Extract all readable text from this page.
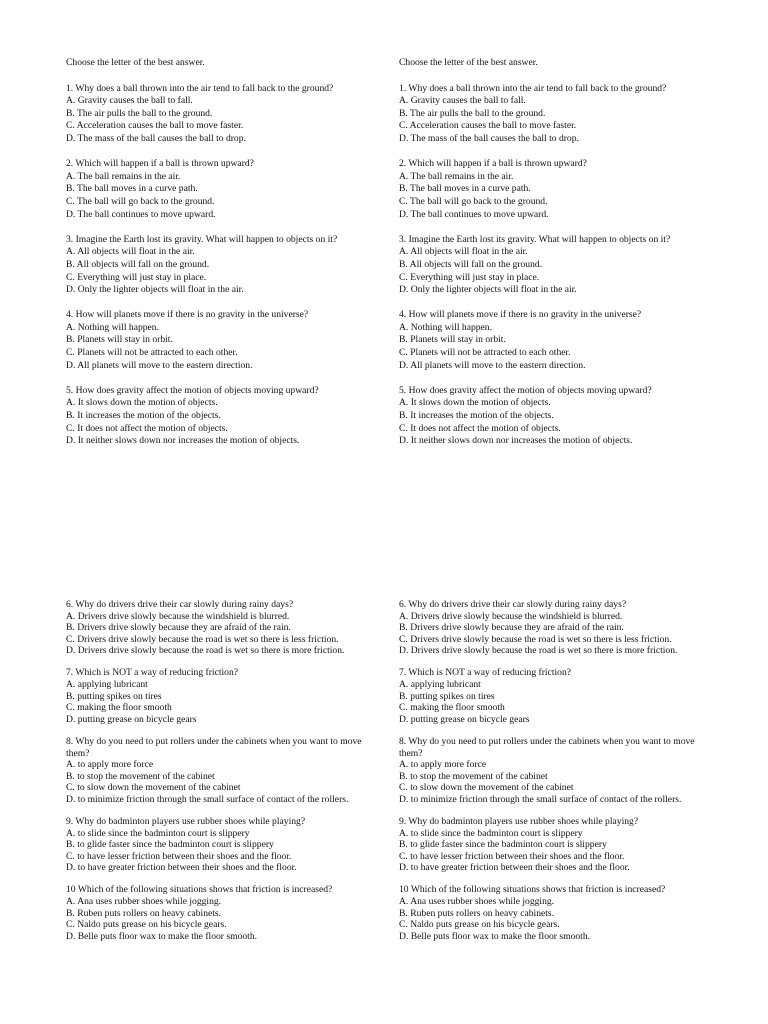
Choose the letter of the best answer.
1. Why does a ball thrown into the air tend to fall back to the ground?
A. Gravity causes the ball to fall.
B. The air pulls the ball to the ground.
C. Acceleration causes the ball to move faster.
D. The mass of the ball causes the ball to drop.
2. Which will happen if a ball is thrown upward?
A. The ball remains in the air.
B. The ball moves in a curve path.
C. The ball will go back to the ground.
D. The ball continues to move upward.
3. Imagine the Earth lost its gravity. What will happen to objects on it?
A. All objects will float in the air.
B. All objects will fall on the ground.
C. Everything will just stay in place.
D. Only the lighter objects will float in the air.
4. How will planets move if there is no gravity in the universe?
A. Nothing will happen.
B. Planets will stay in orbit.
C. Planets will not be attracted to each other.
D. All planets will move to the eastern direction.
5. How does gravity affect the motion of objects moving upward?
A. It slows down the motion of objects.
B. It increases the motion of the objects.
C. It does not affect the motion of objects.
D. It neither slows down nor increases the motion of objects.
Choose the letter of the best answer.
1. Why does a ball thrown into the air tend to fall back to the ground?
A. Gravity causes the ball to fall.
B. The air pulls the ball to the ground.
C. Acceleration causes the ball to move faster.
D. The mass of the ball causes the ball to drop.
2. Which will happen if a ball is thrown upward?
A. The ball remains in the air.
B. The ball moves in a curve path.
C. The ball will go back to the ground.
D. The ball continues to move upward.
3. Imagine the Earth lost its gravity. What will happen to objects on it?
A. All objects will float in the air.
B. All objects will fall on the ground.
C. Everything will just stay in place.
D. Only the lighter objects will float in the air.
4. How will planets move if there is no gravity in the universe?
A. Nothing will happen.
B. Planets will stay in orbit.
C. Planets will not be attracted to each other.
D. All planets will move to the eastern direction.
5. How does gravity affect the motion of objects moving upward?
A. It slows down the motion of objects.
B. It increases the motion of the objects.
C. It does not affect the motion of objects.
D. It neither slows down nor increases the motion of objects.
6. Why do drivers drive their car slowly during rainy days?
A. Drivers drive slowly because the windshield is blurred.
B. Drivers drive slowly because they are afraid of the rain.
C. Drivers drive slowly because the road is wet so there is less friction.
D. Drivers drive slowly because the road is wet so there is more friction.
7. Which is NOT a way of reducing friction?
A. applying lubricant
B. putting spikes on tires
C. making the floor smooth
D. putting grease on bicycle gears
8. Why do you need to put rollers under the cabinets when you want to move them?
A. to apply more force
B. to stop the movement of the cabinet
C. to slow down the movement of the cabinet
D. to minimize friction through the small surface of contact of the rollers.
9. Why do badminton players use rubber shoes while playing?
A. to slide since the badminton court is slippery
B. to glide faster since the badminton court is slippery
C. to have lesser friction between their shoes and the floor.
D. to have greater friction between their shoes and the floor.
10 Which of the following situations shows that friction is increased?
A. Ana uses rubber shoes while jogging.
B. Ruben puts rollers on heavy cabinets.
C. Naldo puts grease on his bicycle gears.
D. Belle puts floor wax to make the floor smooth.
6. Why do drivers drive their car slowly during rainy days?
A. Drivers drive slowly because the windshield is blurred.
B. Drivers drive slowly because they are afraid of the rain.
C. Drivers drive slowly because the road is wet so there is less friction.
D. Drivers drive slowly because the road is wet so there is more friction.
7. Which is NOT a way of reducing friction?
A. applying lubricant
B. putting spikes on tires
C. making the floor smooth
D. putting grease on bicycle gears
8. Why do you need to put rollers under the cabinets when you want to move them?
A. to apply more force
B. to stop the movement of the cabinet
C. to slow down the movement of the cabinet
D. to minimize friction through the small surface of contact of the rollers.
9. Why do badminton players use rubber shoes while playing?
A. to slide since the badminton court is slippery
B. to glide faster since the badminton court is slippery
C. to have lesser friction between their shoes and the floor.
D. to have greater friction between their shoes and the floor.
10 Which of the following situations shows that friction is increased?
A. Ana uses rubber shoes while jogging.
B. Ruben puts rollers on heavy cabinets.
C. Naldo puts grease on his bicycle gears.
D. Belle puts floor wax to make the floor smooth.
